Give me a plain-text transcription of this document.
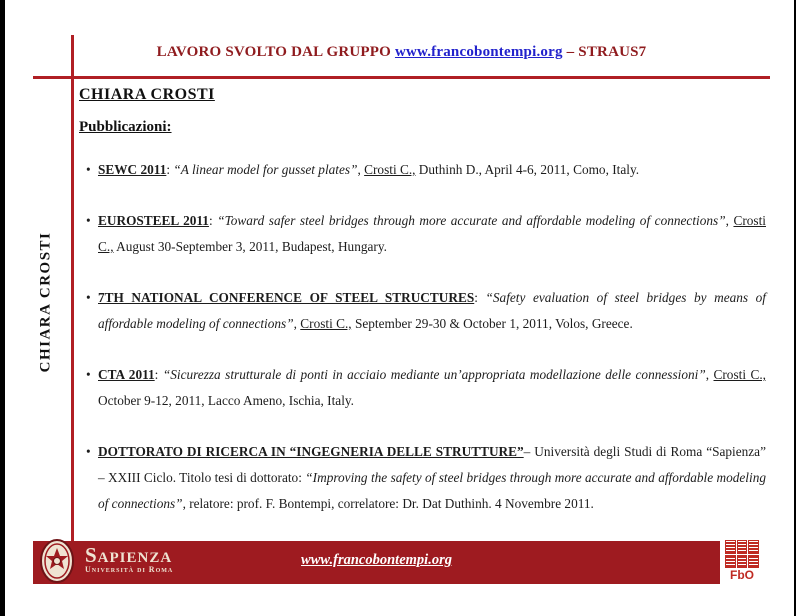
LAVORO SVOLTO DAL GRUPPO www.francobontempi.org – STRAUS7
CHIARA CROSTI
CHIARA CROSTI
Pubblicazioni:
• SEWC 2011: “A linear model for gusset plates”, Crosti C., Duthinh D., April 4-6, 2011, Como, Italy.
• EUROSTEEL 2011: “Toward safer steel bridges through more accurate and affordable modeling of connections”, Crosti C., August 30-September 3, 2011, Budapest, Hungary.
• 7TH NATIONAL CONFERENCE OF STEEL STRUCTURES: “Safety evaluation of steel bridges by means of affordable modeling of connections”, Crosti C., September 29-30 & October 1, 2011, Volos, Greece.
• CTA 2011: “Sicurezza strutturale di ponti in acciaio mediante un’appropriata modellazione delle connessioni”, Crosti C., October 9-12, 2011, Lacco Ameno, Ischia, Italy.
• DOTTORATO DI RICERCA IN “INGEGNERIA DELLE STRUTTURE”– Università degli Studi di Roma “Sapienza” – XXIII Ciclo. Titolo tesi di dottorato: “Improving the safety of steel bridges through more accurate and affordable modeling of connections”, relatore: prof. F. Bontempi, correlatore: Dr. Dat Duthinh. 4 Novembre 2011.
Sapienza
Università di Roma
www.francobontempi.org
FbO
